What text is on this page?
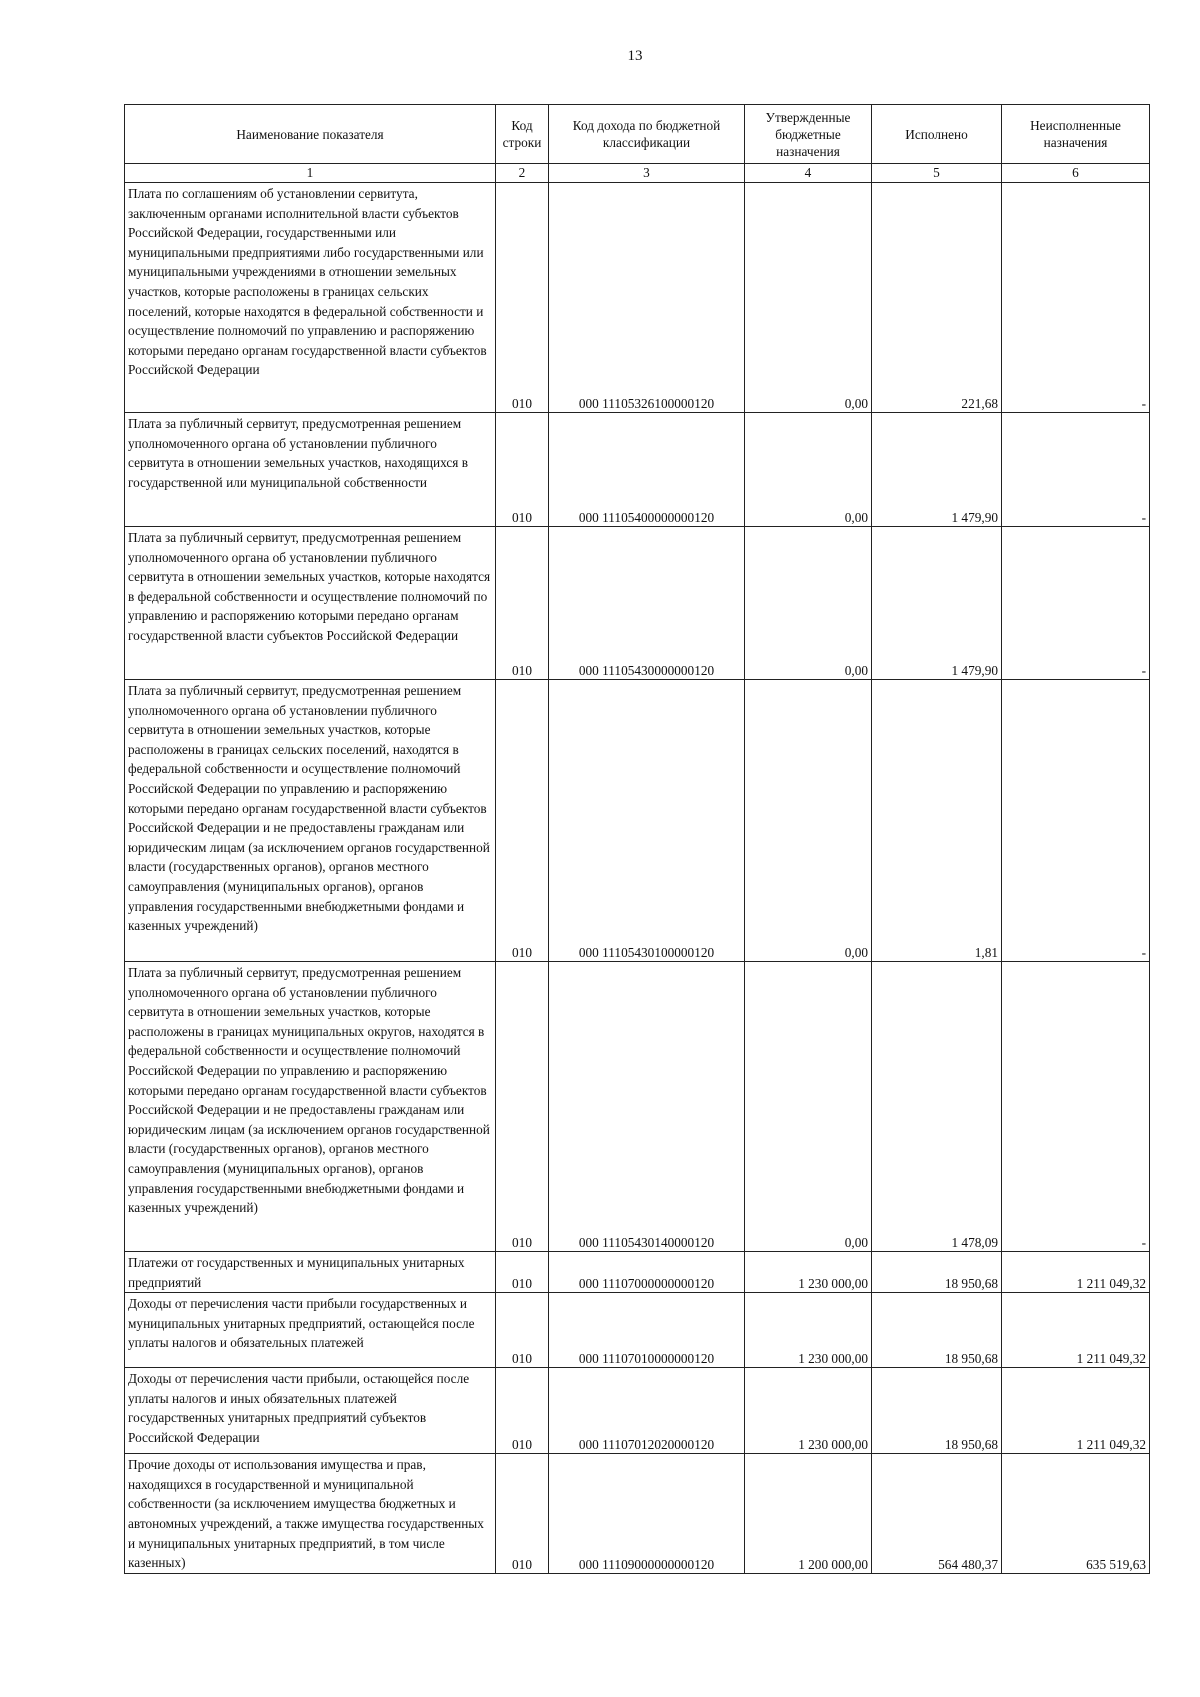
13
Наименование показателя	Код строки	Код дохода по бюджетной классификации	Утвержденные бюджетные назначения	Исполнено	Неисполненные назначения
1	2	3	4	5	6
Плата по соглашениям об установлении сервитута, заключенным органами исполнительной власти субъектов Российской Федерации, государственными или муниципальными предприятиями либо государственными или муниципальными учреждениями в отношении земельных участков, которые расположены в границах сельских поселений, которые находятся в федеральной собственности и осуществление полномочий по управлению и распоряжению которыми передано органам государственной власти субъектов Российской Федерации	010	000 11105326100000120	0,00	221,68	-
Плата за публичный сервитут, предусмотренная решением уполномоченного органа об установлении публичного сервитута в отношении земельных участков, находящихся в государственной или муниципальной собственности	010	000 11105400000000120	0,00	1 479,90	-
Плата за публичный сервитут, предусмотренная решением уполномоченного органа об установлении публичного сервитута в отношении земельных участков, которые находятся в федеральной собственности и осуществление полномочий по управлению и распоряжению которыми передано органам государственной власти субъектов Российской Федерации	010	000 11105430000000120	0,00	1 479,90	-
Плата за публичный сервитут, предусмотренная решением уполномоченного органа об установлении публичного сервитута в отношении земельных участков, которые расположены в границах сельских поселений, находятся в федеральной собственности и осуществление полномочий Российской Федерации по управлению и распоряжению которыми передано органам государственной власти субъектов Российской Федерации и не предоставлены гражданам или юридическим лицам (за исключением органов государственной власти (государственных органов), органов местного самоуправления (муниципальных органов), органов управления государственными внебюджетными фондами и казенных учреждений)	010	000 11105430100000120	0,00	1,81	-
Плата за публичный сервитут, предусмотренная решением уполномоченного органа об установлении публичного сервитута в отношении земельных участков, которые расположены в границах муниципальных округов, находятся в федеральной собственности и осуществление полномочий Российской Федерации по управлению и распоряжению которыми передано органам государственной власти субъектов Российской Федерации и не предоставлены гражданам или юридическим лицам (за исключением органов государственной власти (государственных органов), органов местного самоуправления (муниципальных органов), органов управления государственными внебюджетными фондами и казенных учреждений)	010	000 11105430140000120	0,00	1 478,09	-
Платежи от государственных и муниципальных унитарных предприятий	010	000 11107000000000120	1 230 000,00	18 950,68	1 211 049,32
Доходы от перечисления части прибыли государственных и муниципальных унитарных предприятий, остающейся после уплаты налогов и обязательных платежей	010	000 11107010000000120	1 230 000,00	18 950,68	1 211 049,32
Доходы от перечисления части прибыли, остающейся после уплаты налогов и иных обязательных платежей государственных унитарных предприятий субъектов Российской Федерации	010	000 11107012020000120	1 230 000,00	18 950,68	1 211 049,32
Прочие доходы от использования имущества и прав, находящихся в государственной и муниципальной собственности (за исключением имущества бюджетных и автономных учреждений, а также имущества государственных и муниципальных унитарных предприятий, в том числе казенных)	010	000 11109000000000120	1 200 000,00	564 480,37	635 519,63
